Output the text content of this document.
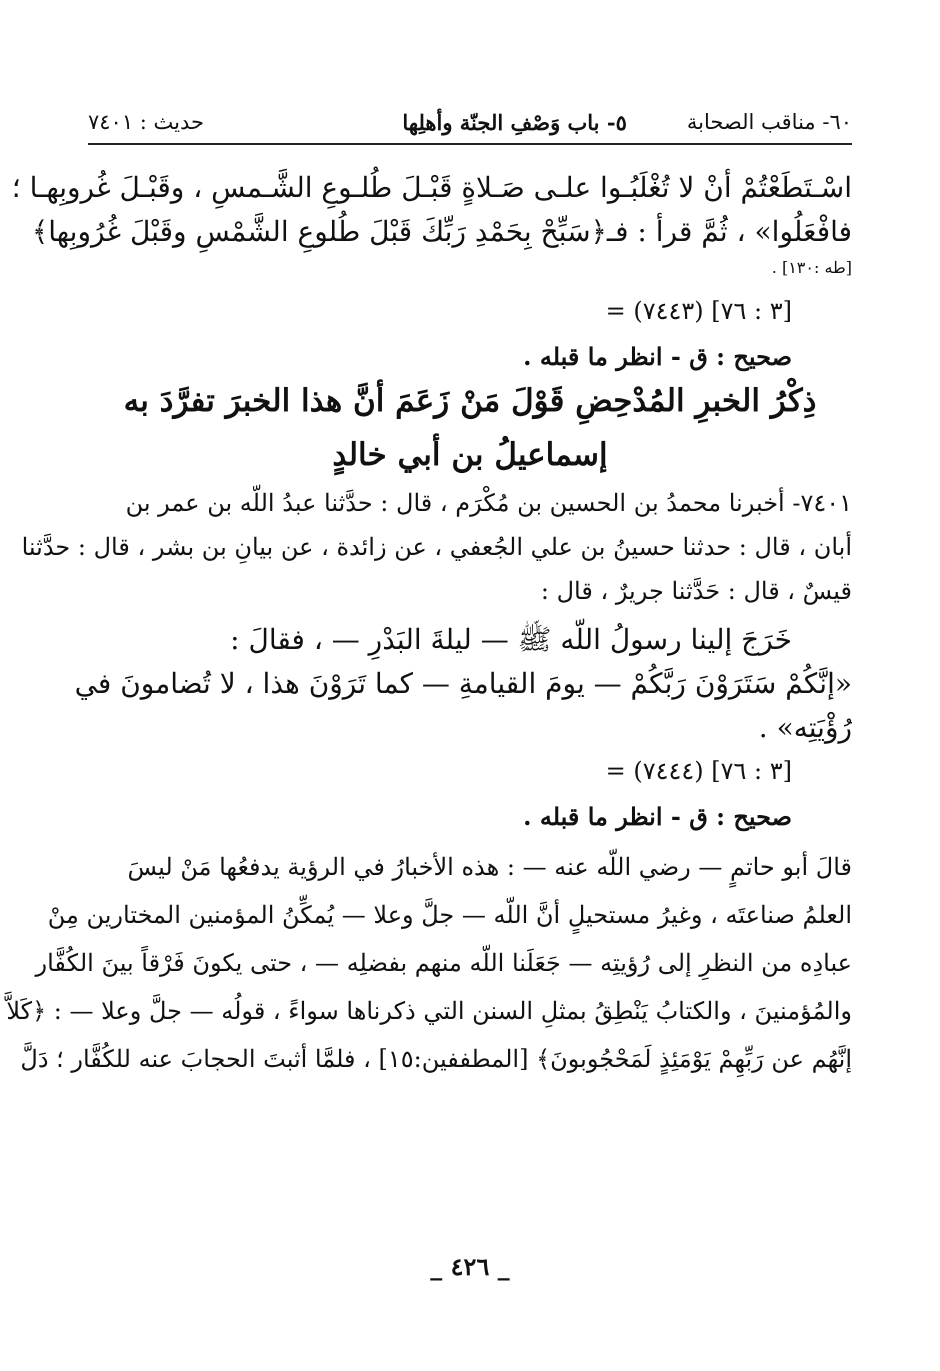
٦٠- مناقب الصحابة
٥- باب وَصْفِ الجنّة وأهلِها
حديث : ٧٤٠١
اسْـتَطَعْتُمْ أنْ لا تُغْلَبُـوا علـى صَـلاةٍ قَبْـلَ طُلـوعِ الشَّـمسِ ، وقَبْـلَ غُروبِهـا ؛
فافْعَلُوا» ، ثُمَّ قرأ : فـ﴿سَبِّحْ بِحَمْدِ رَبِّكَ قَبْلَ طُلوعِ الشَّمْسِ وقَبْلَ غُرُوبِها﴾
[طه :١٣٠] .
= (٧٤٤٣) [٣ : ٧٦]
صحيح : ق - انظر ما قبله .
ذِكْرُ الخبرِ المُدْحِضِ قَوْلَ مَنْ زَعَمَ أنَّ هذا الخبرَ تفرَّدَ به
إسماعيلُ بن أبي خالدٍ
٧٤٠١- أخبرنا محمدُ بن الحسين بن مُكْرَم ، قال : حدَّثنا عبدُ اللّه بن عمر بن
أبان ، قال : حدثنا حسينُ بن علي الجُعفي ، عن زائدة ، عن بيانِ بن بشر ، قال : حدَّثنا
قيسٌ ، قال : حَدَّثنا جريرٌ ، قال :
خَرَجَ إلينا رسولُ اللّه ﷺ — ليلةَ البَدْرِ — ، فقالَ :
«إنَّكُمْ سَتَرَوْنَ رَبَّكُمْ — يومَ القيامةِ — كما تَرَوْنَ هذا ، لا تُضامونَ في
رُؤْيَتِه» .
= (٧٤٤٤) [٣ : ٧٦]
صحيح : ق - انظر ما قبله .
قالَ أبو حاتمٍ — رضي اللّه عنه — : هذه الأخبارُ في الرؤية يدفعُها مَنْ ليسَ
العلمُ صناعتَه ، وغيرُ مستحيلٍ أنَّ اللّه — جلَّ وعلا — يُمكِّنُ المؤمنين المختارين مِنْ
عبادِه من النظرِ إلى رُؤيتِه — جَعَلَنا اللّه منهم بفضلِه — ، حتى يكونَ فَرْقاً بينَ الكُفَّار
والمُؤمنينَ ، والكتابُ يَنْطِقُ بمثلِ السنن التي ذكرناها سواءً ، قولُه — جلَّ وعلا — : ﴿كَلاَّ
إنَّهُم عن رَبِّهِمْ يَوْمَئِذٍ لَمَحْجُوبونَ﴾ [المطففين:١٥] ، فلمَّا أثبتَ الحجابَ عنه للكُفَّار ؛ دَلَّ
_ ٤٢٦ _
